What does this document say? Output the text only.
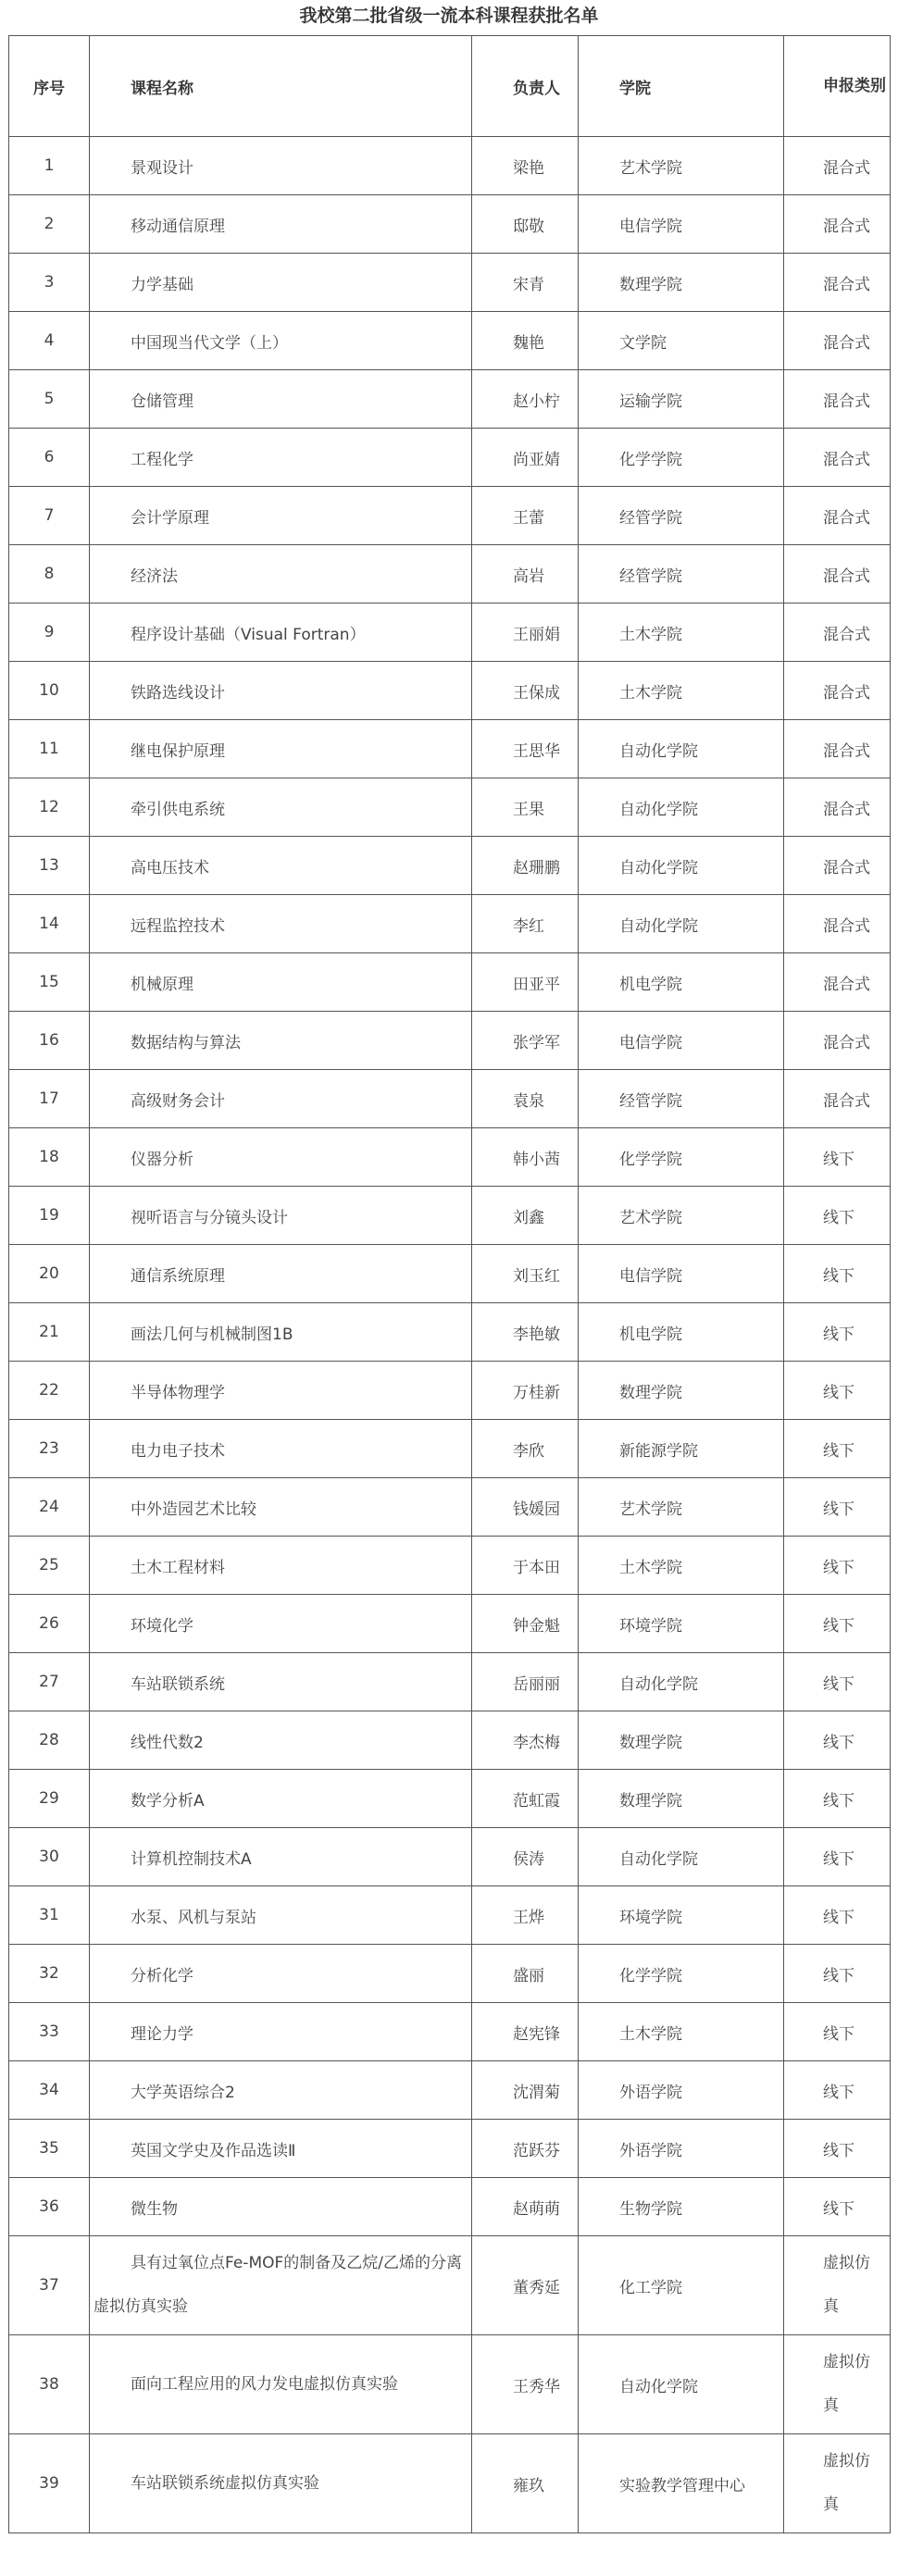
我校第二批省级一流本科课程获批名单
序号	课程名称	负责人	学院	申报类别
1	景观设计	梁艳	艺术学院	混合式
2	移动通信原理	邸敬	电信学院	混合式
3	力学基础	宋青	数理学院	混合式
4	中国现当代文学（上）	魏艳	文学院	混合式
5	仓储管理	赵小柠	运输学院	混合式
6	工程化学	尚亚婧	化学学院	混合式
7	会计学原理	王蕾	经管学院	混合式
8	经济法	高岩	经管学院	混合式
9	程序设计基础（Visual Fortran）	王丽娟	土木学院	混合式
10	铁路选线设计	王保成	土木学院	混合式
11	继电保护原理	王思华	自动化学院	混合式
12	牵引供电系统	王果	自动化学院	混合式
13	高电压技术	赵珊鹏	自动化学院	混合式
14	远程监控技术	李红	自动化学院	混合式
15	机械原理	田亚平	机电学院	混合式
16	数据结构与算法	张学军	电信学院	混合式
17	高级财务会计	袁泉	经管学院	混合式
18	仪器分析	韩小茜	化学学院	线下
19	视听语言与分镜头设计	刘鑫	艺术学院	线下
20	通信系统原理	刘玉红	电信学院	线下
21	画法几何与机械制图1B	李艳敏	机电学院	线下
22	半导体物理学	万桂新	数理学院	线下
23	电力电子技术	李欣	新能源学院	线下
24	中外造园艺术比较	钱媛园	艺术学院	线下
25	土木工程材料	于本田	土木学院	线下
26	环境化学	钟金魁	环境学院	线下
27	车站联锁系统	岳丽丽	自动化学院	线下
28	线性代数2	李杰梅	数理学院	线下
29	数学分析A	范虹霞	数理学院	线下
30	计算机控制技术A	侯涛	自动化学院	线下
31	水泵、风机与泵站	王烨	环境学院	线下
32	分析化学	盛丽	化学学院	线下
33	理论力学	赵宪锋	土木学院	线下
34	大学英语综合2	沈渭菊	外语学院	线下
35	英国文学史及作品选读Ⅱ	范跃芬	外语学院	线下
36	微生物	赵萌萌	生物学院	线下
37	具有过氧位点Fe-MOF的制备及乙烷/乙烯的分离虚拟仿真实验	董秀延	化工学院	虚拟仿真
38	面向工程应用的风力发电虚拟仿真实验	王秀华	自动化学院	虚拟仿真
39	车站联锁系统虚拟仿真实验	雍玖	实验教学管理中心	虚拟仿真
